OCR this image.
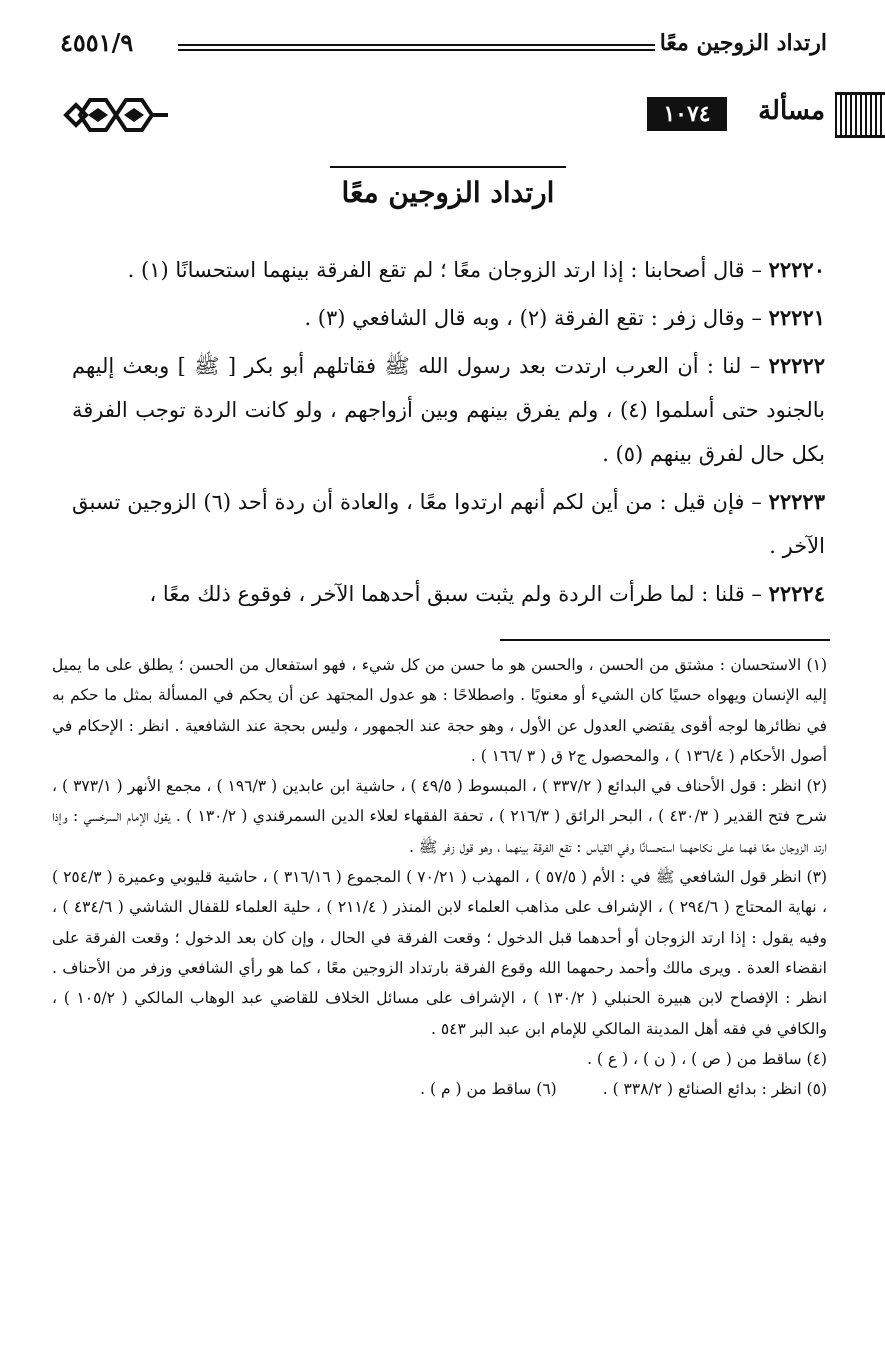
ارتداد الزوجين معًا
٤٥٥١/٩
مسألة
١٠٧٤
ارتداد الزوجين معًا

٢٢٢٢٠ – قال أصحابنا : إذا ارتد الزوجان معًا ؛ لم تقع الفرقة بينهما استحسانًا (١) .

٢٢٢٢١ – وقال زفر : تقع الفرقة (٢) ، وبه قال الشافعي (٣) .

٢٢٢٢٢ – لنا : أن العرب ارتدت بعد رسول الله ﷺ فقاتلهم أبو بكر [ ﷺ ] وبعث إليهم بالجنود حتى أسلموا (٤) ، ولم يفرق بينهم وبين أزواجهم ، ولو كانت الردة توجب الفرقة بكل حال لفرق بينهم (٥) .

٢٢٢٢٣ – فإن قيل : من أين لكم أنهم ارتدوا معًا ، والعادة أن ردة أحد (٦) الزوجين تسبق الآخر .

٢٢٢٢٤ – قلنا : لما طرأت الردة ولم يثبت سبق أحدهما الآخر ، فوقوع ذلك معًا ،

(١) الاستحسان : مشتق من الحسن ، والحسن هو ما حسن من كل شيء ، فهو استفعال من الحسن ؛ يطلق على ما يميل إليه الإنسان ويهواه حسيًا كان الشيء أو معنويًا . واصطلاحًا : هو عدول المجتهد عن أن يحكم في المسألة بمثل ما حكم به في نظائرها لوجه أقوى يقتضي العدول عن الأول ، وهو حجة عند الجمهور ، وليس بحجة عند الشافعية . انظر : الإحكام في أصول الأحكام ( ١٣٦/٤ ) ، والمحصول ج٢ ق ( ٣ /١٦٦ ) .

(٢) انظر : قول الأحناف في البدائع ( ٣٣٧/٢ ) ، المبسوط ( ٤٩/٥ ) ، حاشية ابن عابدين ( ١٩٦/٣ ) ، مجمع الأنهر ( ٣٧٣/١ ) ، شرح فتح القدير ( ٤٣٠/٣ ) ، البحر الرائق ( ٢١٦/٣ ) ، تحفة الفقهاء لعلاء الدين السمرقندي ( ١٣٠/٢ ) . يقول الإمام السرخسي : وإذا ارتد الزوجان معًا فهما على نكاحهما استحسانًا وفي القياس : تقع الفرقة بينهما ، وهو قول زفر ﷺ .

(٣) انظر قول الشافعي ﷺ في : الأم ( ٥٧/٥ ) ، المهذب ( ٧٠/٢١ ) المجموع ( ٣١٦/١٦ ) ، حاشية قليوبي وعميرة ( ٢٥٤/٣ ) ، نهاية المحتاج ( ٢٩٤/٦ ) ، الإشراف على مذاهب العلماء لابن المنذر ( ٢١١/٤ ) ، حلية العلماء للقفال الشاشي ( ٤٣٤/٦ ) ، وفيه يقول : إذا ارتد الزوجان أو أحدهما قبل الدخول ؛ وقعت الفرقة في الحال ، وإن كان بعد الدخول ؛ وقعت الفرقة على انقضاء العدة . ويرى مالك وأحمد رحمهما الله وقوع الفرقة بارتداد الزوجين معًا ، كما هو رأي الشافعي وزفر من الأحناف . انظر : الإفصاح لابن هبيرة الحنبلي ( ١٣٠/٢ ) ، الإشراف على مسائل الخلاف للقاضي عبد الوهاب المالكي ( ١٠٥/٢ ) ، والكافي في فقه أهل المدينة المالكي للإمام ابن عبد البر ٥٤٣ .

(٤) ساقط من ( ص ) ، ( ن ) ، ( ع ) .

(٥) انظر : بدائع الصنائع ( ٣٣٨/٢ ) .
(٦) ساقط من ( م ) .
